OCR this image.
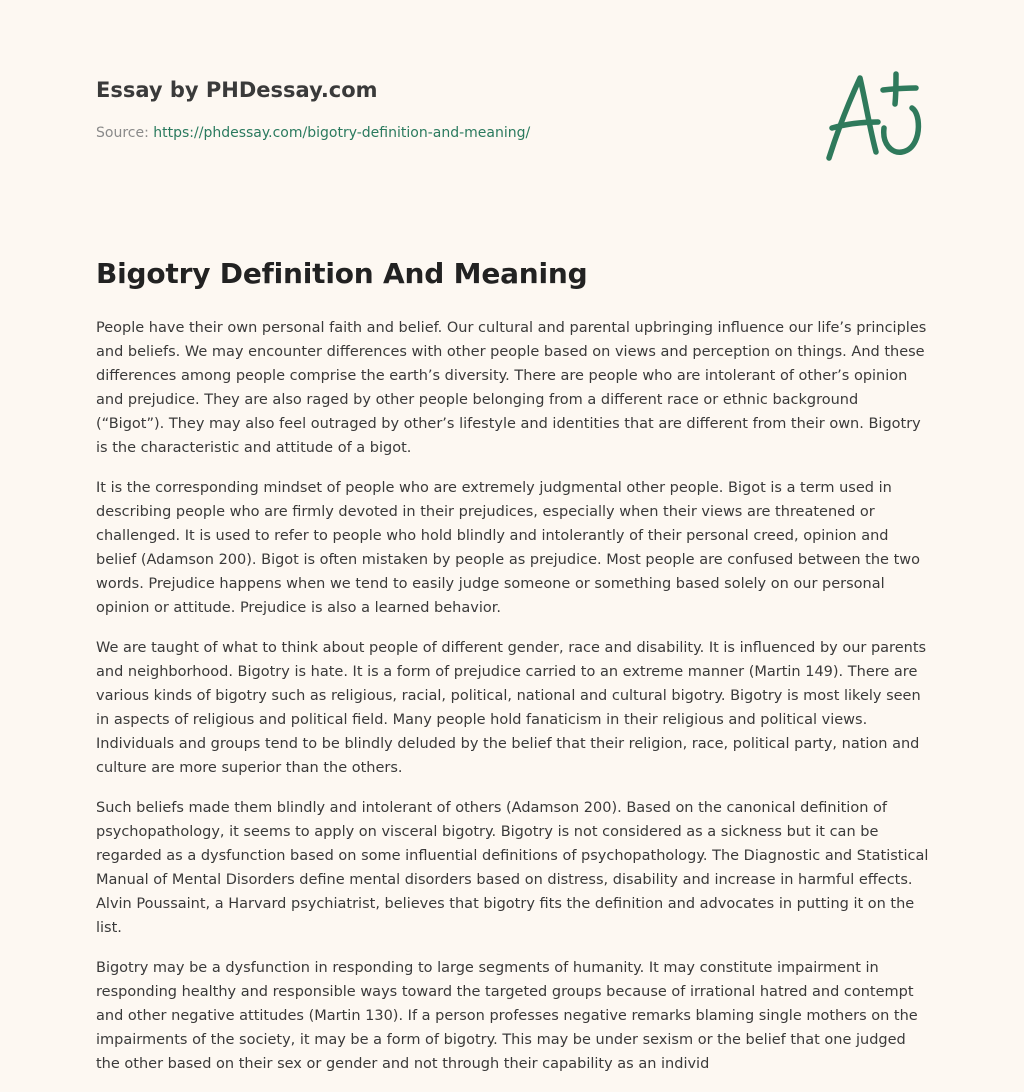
Essay by PHDessay.com
Source: https://phdessay.com/bigotry-definition-and-meaning/
Bigotry Definition And Meaning

People have their own personal faith and belief. Our cultural and parental upbringing influence our life’s principles and beliefs. We may encounter differences with other people based on views and perception on things. And these differences among people comprise the earth’s diversity. There are people who are intolerant of other’s opinion and prejudice. They are also raged by other people belonging from a different race or ethnic background (“Bigot”). They may also feel outraged by other’s lifestyle and identities that are different from their own. Bigotry is the characteristic and attitude of a bigot.

It is the corresponding mindset of people who are extremely judgmental other people. Bigot is a term used in describing people who are firmly devoted in their prejudices, especially when their views are threatened or challenged. It is used to refer to people who hold blindly and intolerantly of their personal creed, opinion and belief (Adamson 200). Bigot is often mistaken by people as prejudice. Most people are confused between the two words. Prejudice happens when we tend to easily judge someone or something based solely on our personal opinion or attitude. Prejudice is also a learned behavior.

We are taught of what to think about people of different gender, race and disability. It is influenced by our parents and neighborhood. Bigotry is hate. It is a form of prejudice carried to an extreme manner (Martin 149). There are various kinds of bigotry such as religious, racial, political, national and cultural bigotry. Bigotry is most likely seen in aspects of religious and political field. Many people hold fanaticism in their religious and political views. Individuals and groups tend to be blindly deluded by the belief that their religion, race, political party, nation and culture are more superior than the others.

Such beliefs made them blindly and intolerant of others (Adamson 200). Based on the canonical definition of psychopathology, it seems to apply on visceral bigotry. Bigotry is not considered as a sickness but it can be regarded as a dysfunction based on some influential definitions of psychopathology. The Diagnostic and Statistical Manual of Mental Disorders define mental disorders based on distress, disability and increase in harmful effects. Alvin Poussaint, a Harvard psychiatrist, believes that bigotry fits the definition and advocates in putting it on the list.

Bigotry may be a dysfunction in responding to large segments of humanity. It may constitute impairment in responding healthy and responsible ways toward the targeted groups because of irrational hatred and contempt and other negative attitudes (Martin 130). If a person professes negative remarks blaming single mothers on the impairments of the society, it may be a form of bigotry. This may be under sexism or the belief that one judged the other based on their sex or gender and not through their capability as an individ
